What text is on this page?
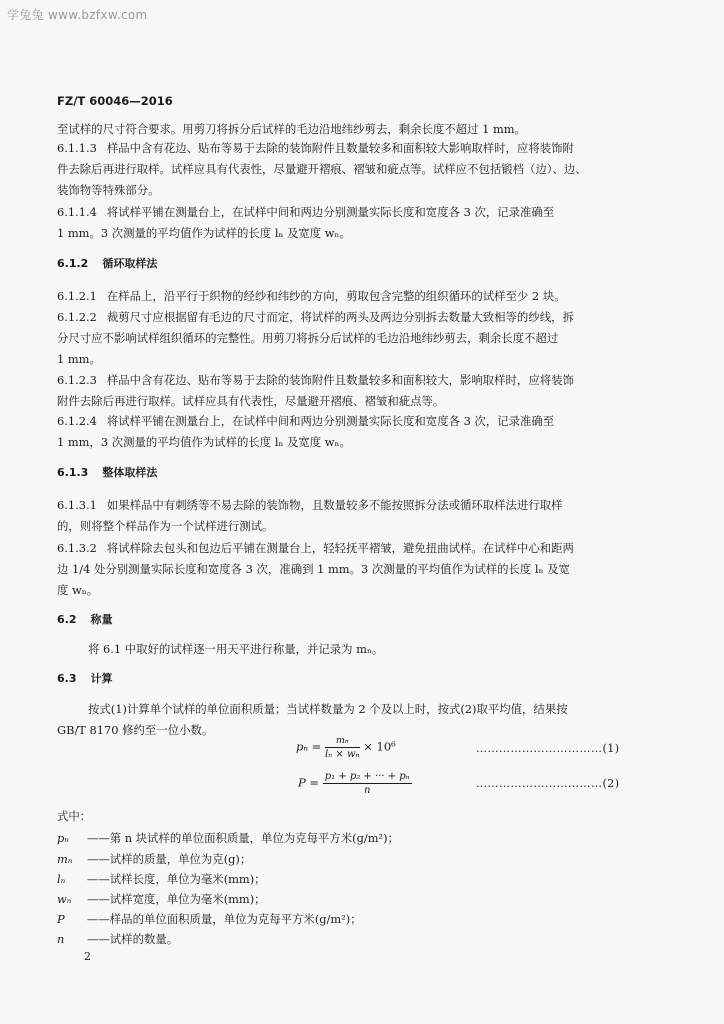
学兔兔 www.bzfxw.com
FZ/T 60046—2016
至试样的尺寸符合要求。用剪刀将拆分后试样的毛边沿地纬纱剪去，剩余长度不超过 1 mm。
6.1.1.3 样品中含有花边、贴布等易于去除的装饰附件且数量较多和面积较大影响取样时，应将装饰附
件去除后再进行取样。试样应具有代表性，尽量避开褶痕、褶皱和疵点等。试样应不包括锻档（边）、边、
装饰物等特殊部分。
6.1.1.4 将试样平铺在测量台上，在试样中间和两边分别测量实际长度和宽度各 3 次，记录准确至
1 mm。3 次测量的平均值作为试样的长度 lₙ 及宽度 wₙ。
6.1.2 循环取样法
6.1.2.1 在样品上，沿平行于织物的经纱和纬纱的方向，剪取包含完整的组织循环的试样至少 2 块。
6.1.2.2 裁剪尺寸应根据留有毛边的尺寸而定，将试样的两头及两边分别拆去数量大致相等的纱线，拆
分尺寸应不影响试样组织循环的完整性。用剪刀将拆分后试样的毛边沿地纬纱剪去，剩余长度不超过
1 mm。
6.1.2.3 样品中含有花边、贴布等易于去除的装饰附件且数量较多和面积较大，影响取样时，应将装饰
附件去除后再进行取样。试样应具有代表性，尽量避开褶痕、褶皱和疵点等。
6.1.2.4 将试样平铺在测量台上，在试样中间和两边分别测量实际长度和宽度各 3 次，记录准确至
1 mm，3 次测量的平均值作为试样的长度 lₙ 及宽度 wₙ。
6.1.3 整体取样法
6.1.3.1 如果样品中有刺绣等不易去除的装饰物，且数量较多不能按照拆分法或循环取样法进行取样
的，则将整个样品作为一个试样进行测试。
6.1.3.2 将试样除去包头和包边后平铺在测量台上，轻轻抚平褶皱，避免扭曲试样。在试样中心和距两
边 1/4 处分别测量实际长度和宽度各 3 次，准确到 1 mm。3 次测量的平均值作为试样的长度 lₙ 及宽
度 wₙ。
6.2 称量
将 6.1 中取好的试样逐一用天平进行称量，并记录为 mₙ。
6.3 计算
按式(1)计算单个试样的单位面积质量；当试样数量为 2 个及以上时，按式(2)取平均值，结果按
GB/T 8170 修约至一位小数。
$p_n = \frac{\text{mₙ}}{\text{lₙ × wₙ}} \times 10^6$	……………………………(1)
$P = \frac{\text{p₁ + p₂ + ··· + pₙ}}{n}$	……………………………(2)
式中：
pₙ ——第 n 块试样的单位面积质量，单位为克每平方米(g/m²)；
mₙ ——试样的质量，单位为克(g)；
lₙ ——试样长度，单位为毫米(mm)；
wₙ ——试样宽度，单位为毫米(mm)；
P ——样品的单位面积质量，单位为克每平方米(g/m²)；
n ——试样的数量。
2
